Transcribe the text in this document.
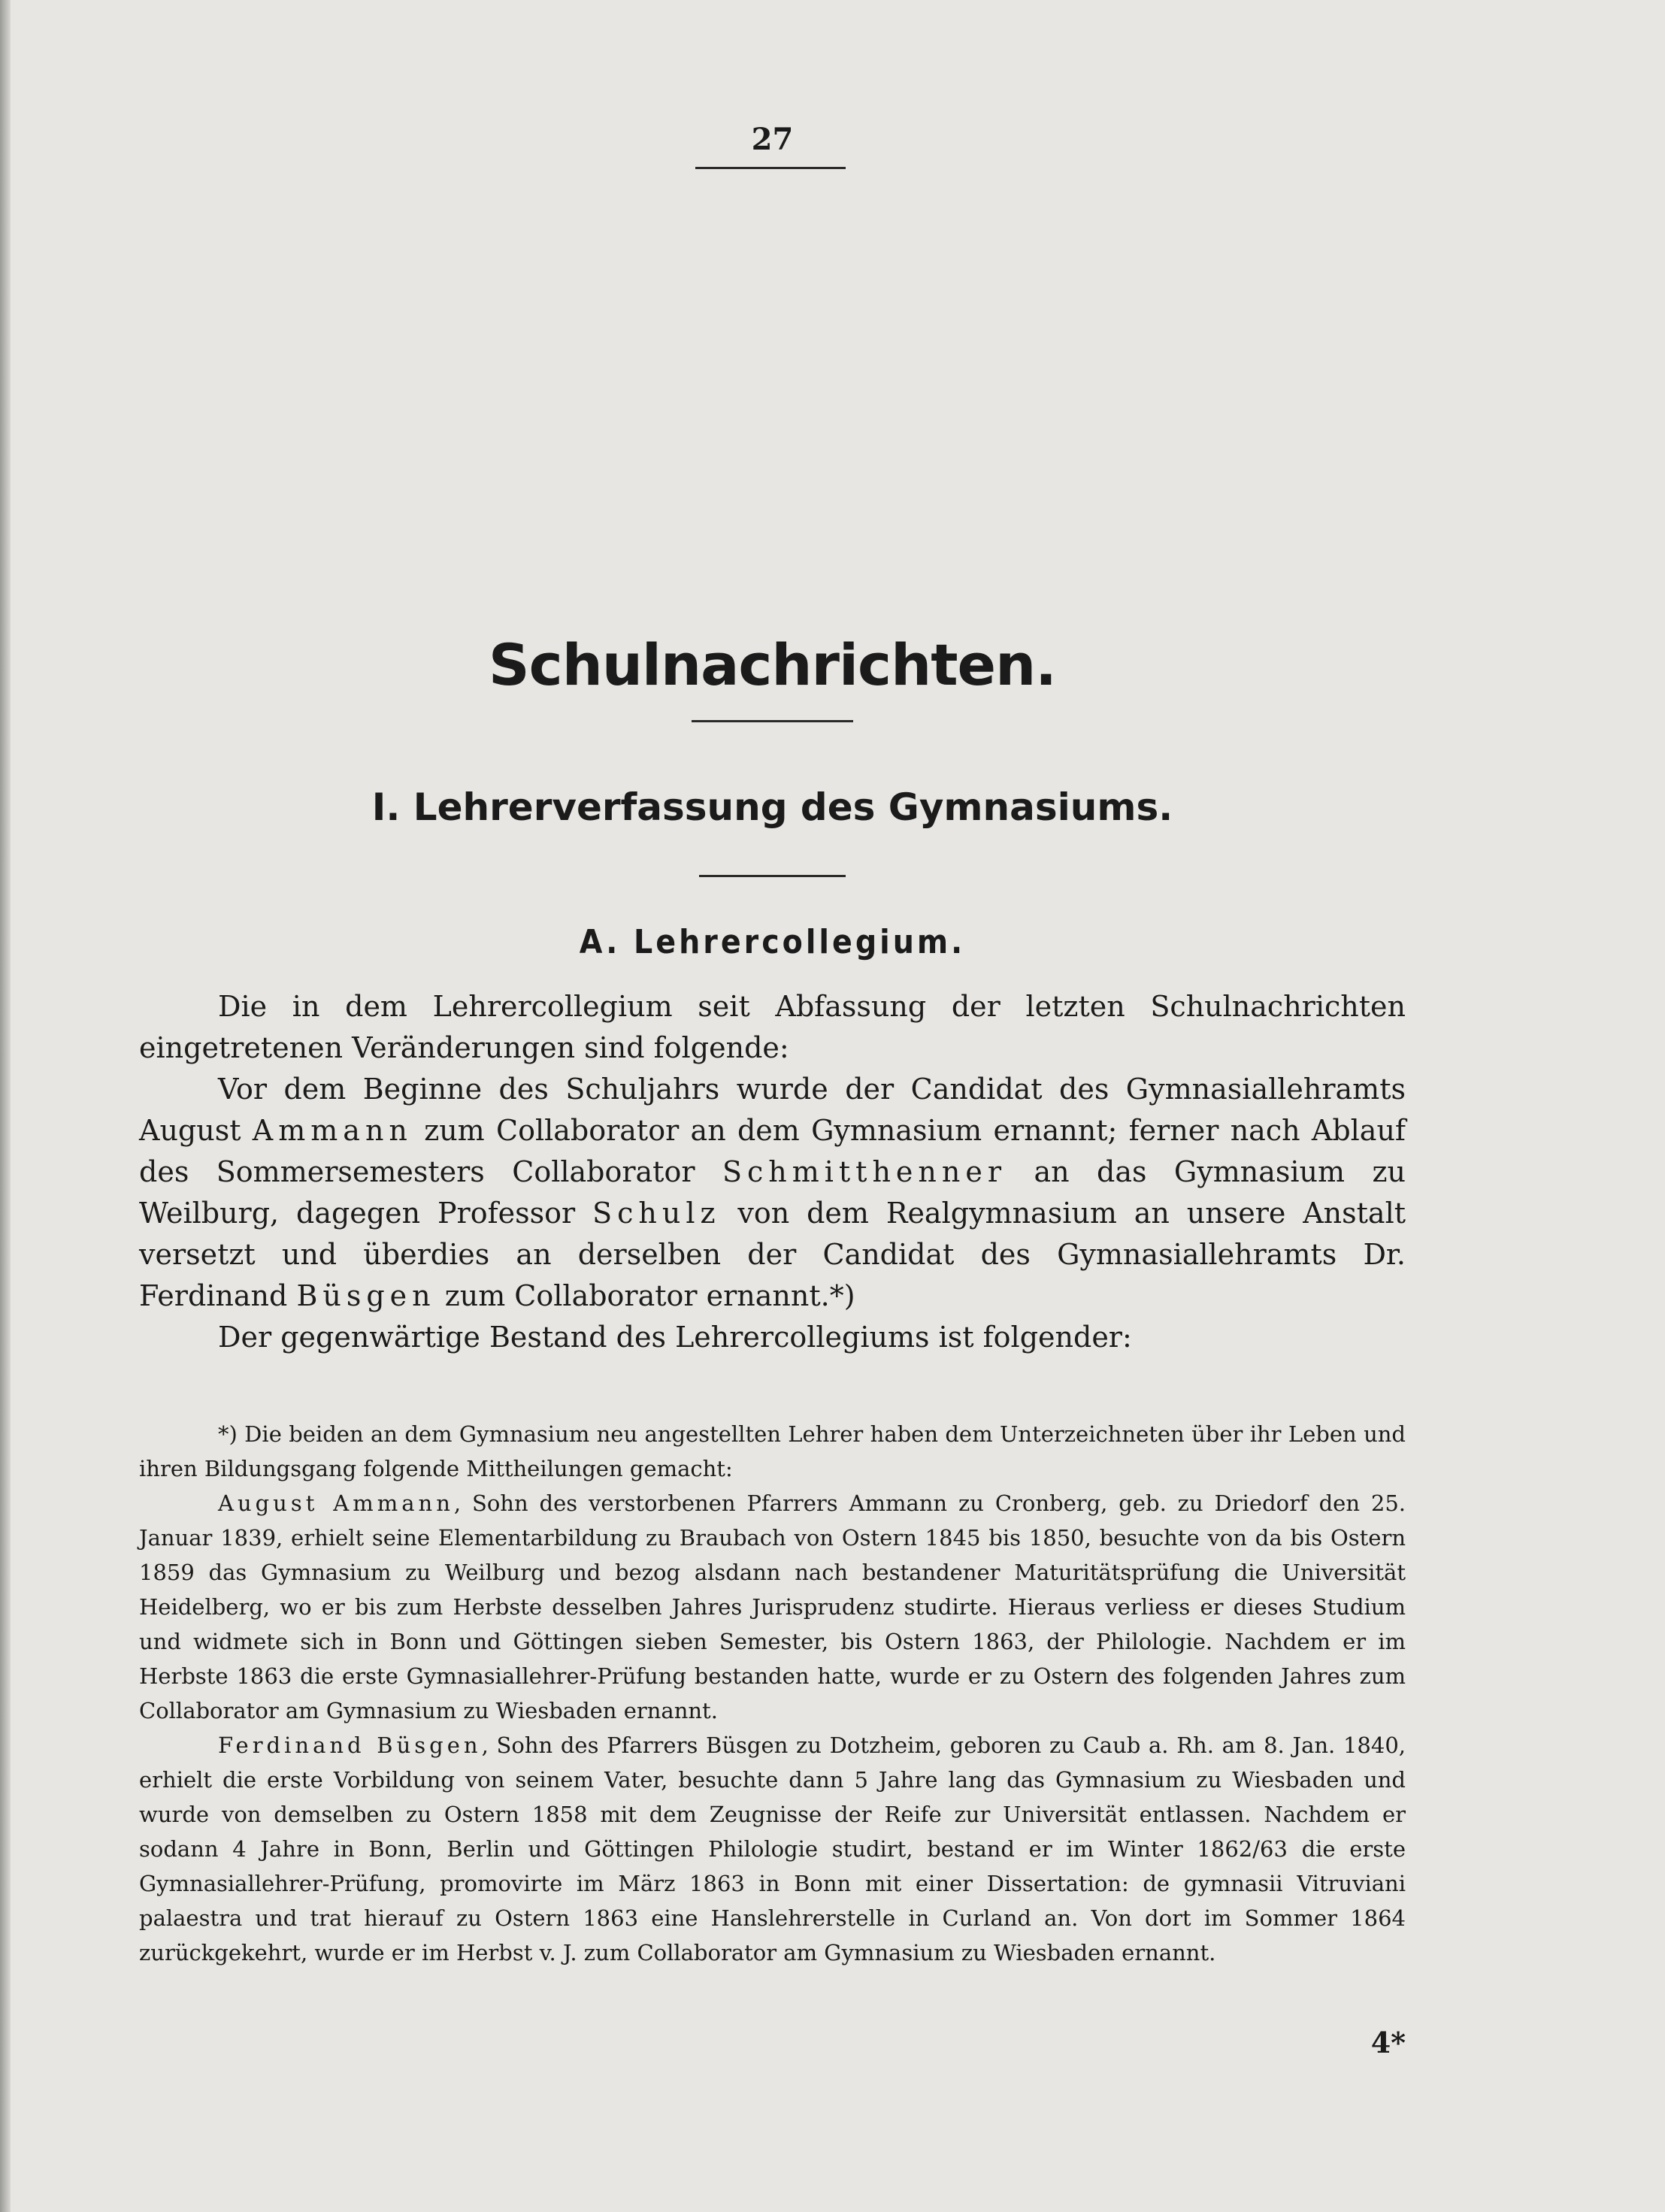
27
Schulnachrichten.
I. Lehrerverfassung des Gymnasiums.
A. Lehrercollegium.

Die in dem Lehrercollegium seit Abfassung der letzten Schulnachrichten eingetretenen Veränderungen sind folgende:

Vor dem Beginne des Schuljahrs wurde der Candidat des Gymnasiallehramts August Ammann zum Collaborator an dem Gymnasium ernannt; ferner nach Ablauf des Sommersemesters Collaborator Schmitthenner an das Gymnasium zu Weilburg, dagegen Professor Schulz von dem Realgymnasium an unsere Anstalt versetzt und überdies an derselben der Candidat des Gymnasiallehramts Dr. Ferdinand Büsgen zum Collaborator ernannt.*)

Der gegenwärtige Bestand des Lehrercollegiums ist folgender:

*) Die beiden an dem Gymnasium neu angestellten Lehrer haben dem Unterzeichneten über ihr Leben und ihren Bildungsgang folgende Mittheilungen gemacht:

August Ammann, Sohn des verstorbenen Pfarrers Ammann zu Cronberg, geb. zu Driedorf den 25. Januar 1839, erhielt seine Elementarbildung zu Braubach von Ostern 1845 bis 1850, besuchte von da bis Ostern 1859 das Gymnasium zu Weilburg und bezog alsdann nach bestandener Maturitätsprüfung die Universität Heidelberg, wo er bis zum Herbste desselben Jahres Jurisprudenz studirte. Hieraus verliess er dieses Studium und widmete sich in Bonn und Göttingen sieben Semester, bis Ostern 1863, der Philologie. Nachdem er im Herbste 1863 die erste Gymnasiallehrer-Prüfung bestanden hatte, wurde er zu Ostern des folgenden Jahres zum Collaborator am Gymnasium zu Wiesbaden ernannt.

Ferdinand Büsgen, Sohn des Pfarrers Büsgen zu Dotzheim, geboren zu Caub a. Rh. am 8. Jan. 1840, erhielt die erste Vorbildung von seinem Vater, besuchte dann 5 Jahre lang das Gymnasium zu Wiesbaden und wurde von demselben zu Ostern 1858 mit dem Zeugnisse der Reife zur Universität entlassen. Nachdem er sodann 4 Jahre in Bonn, Berlin und Göttingen Philologie studirt, bestand er im Winter 1862/63 die erste Gymnasiallehrer-Prüfung, promovirte im März 1863 in Bonn mit einer Dissertation: de gymnasii Vitruviani palaestra und trat hierauf zu Ostern 1863 eine Hanslehrerstelle in Curland an. Von dort im Sommer 1864 zurückgekehrt, wurde er im Herbst v. J. zum Collaborator am Gymnasium zu Wiesbaden ernannt.

4*
